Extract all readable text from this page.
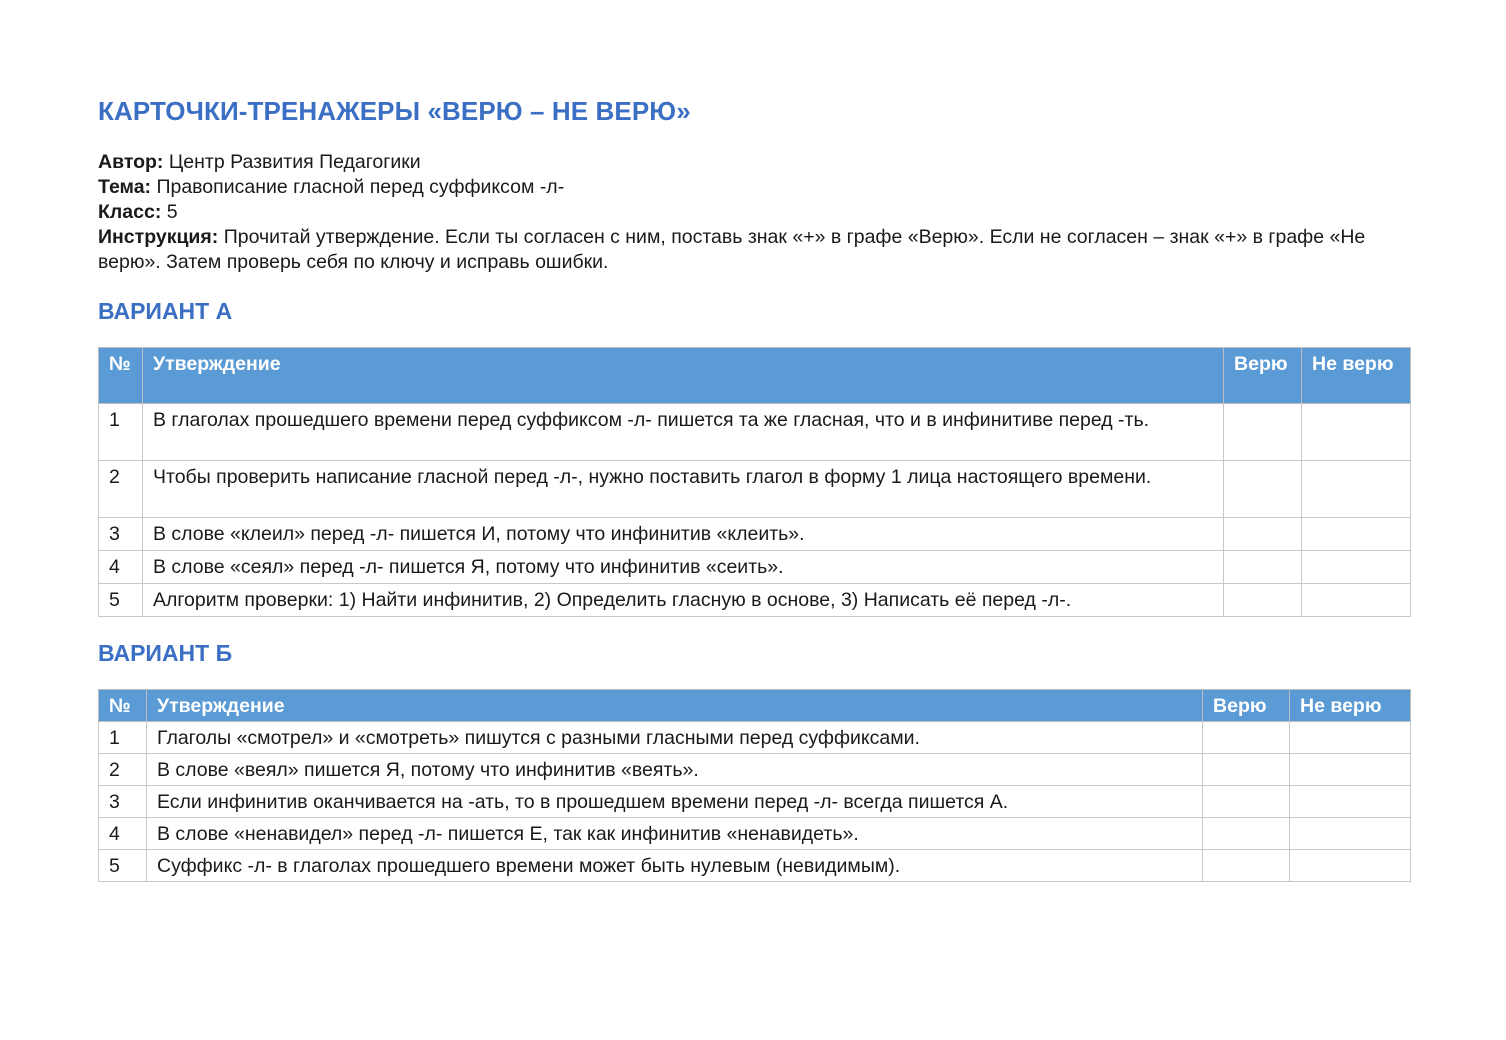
КАРТОЧКИ-ТРЕНАЖЕРЫ «ВЕРЮ – НЕ ВЕРЮ»

Автор: Центр Развития Педагогики

Тема: Правописание гласной перед суффиксом -л-

Класс: 5

Инструкция: Прочитай утверждение. Если ты согласен с ним, поставь знак «+» в графе «Верю». Если не согласен – знак «+» в графе «Не верю». Затем проверь себя по ключу и исправь ошибки.

ВАРИАНТ А
№	Утверждение	Верю	Не верю
1	В глаголах прошедшего времени перед суффиксом -л- пишется та же гласная, что и в инфинитиве перед -ть.		
2	Чтобы проверить написание гласной перед -л-, нужно поставить глагол в форму 1 лица настоящего времени.		
3	В слове «клеил» перед -л- пишется И, потому что инфинитив «клеить».		
4	В слове «сеял» перед -л- пишется Я, потому что инфинитив «сеить».		
5	Алгоритм проверки: 1) Найти инфинитив, 2) Определить гласную в основе, 3) Написать её перед -л-.		
ВАРИАНТ Б
№	Утверждение	Верю	Не верю
1	Глаголы «смотрел» и «смотреть» пишутся с разными гласными перед суффиксами.		
2	В слове «веял» пишется Я, потому что инфинитив «веять».		
3	Если инфинитив оканчивается на -ать, то в прошедшем времени перед -л- всегда пишется А.		
4	В слове «ненавидел» перед -л- пишется Е, так как инфинитив «ненавидеть».		
5	Суффикс -л- в глаголах прошедшего времени может быть нулевым (невидимым).		
